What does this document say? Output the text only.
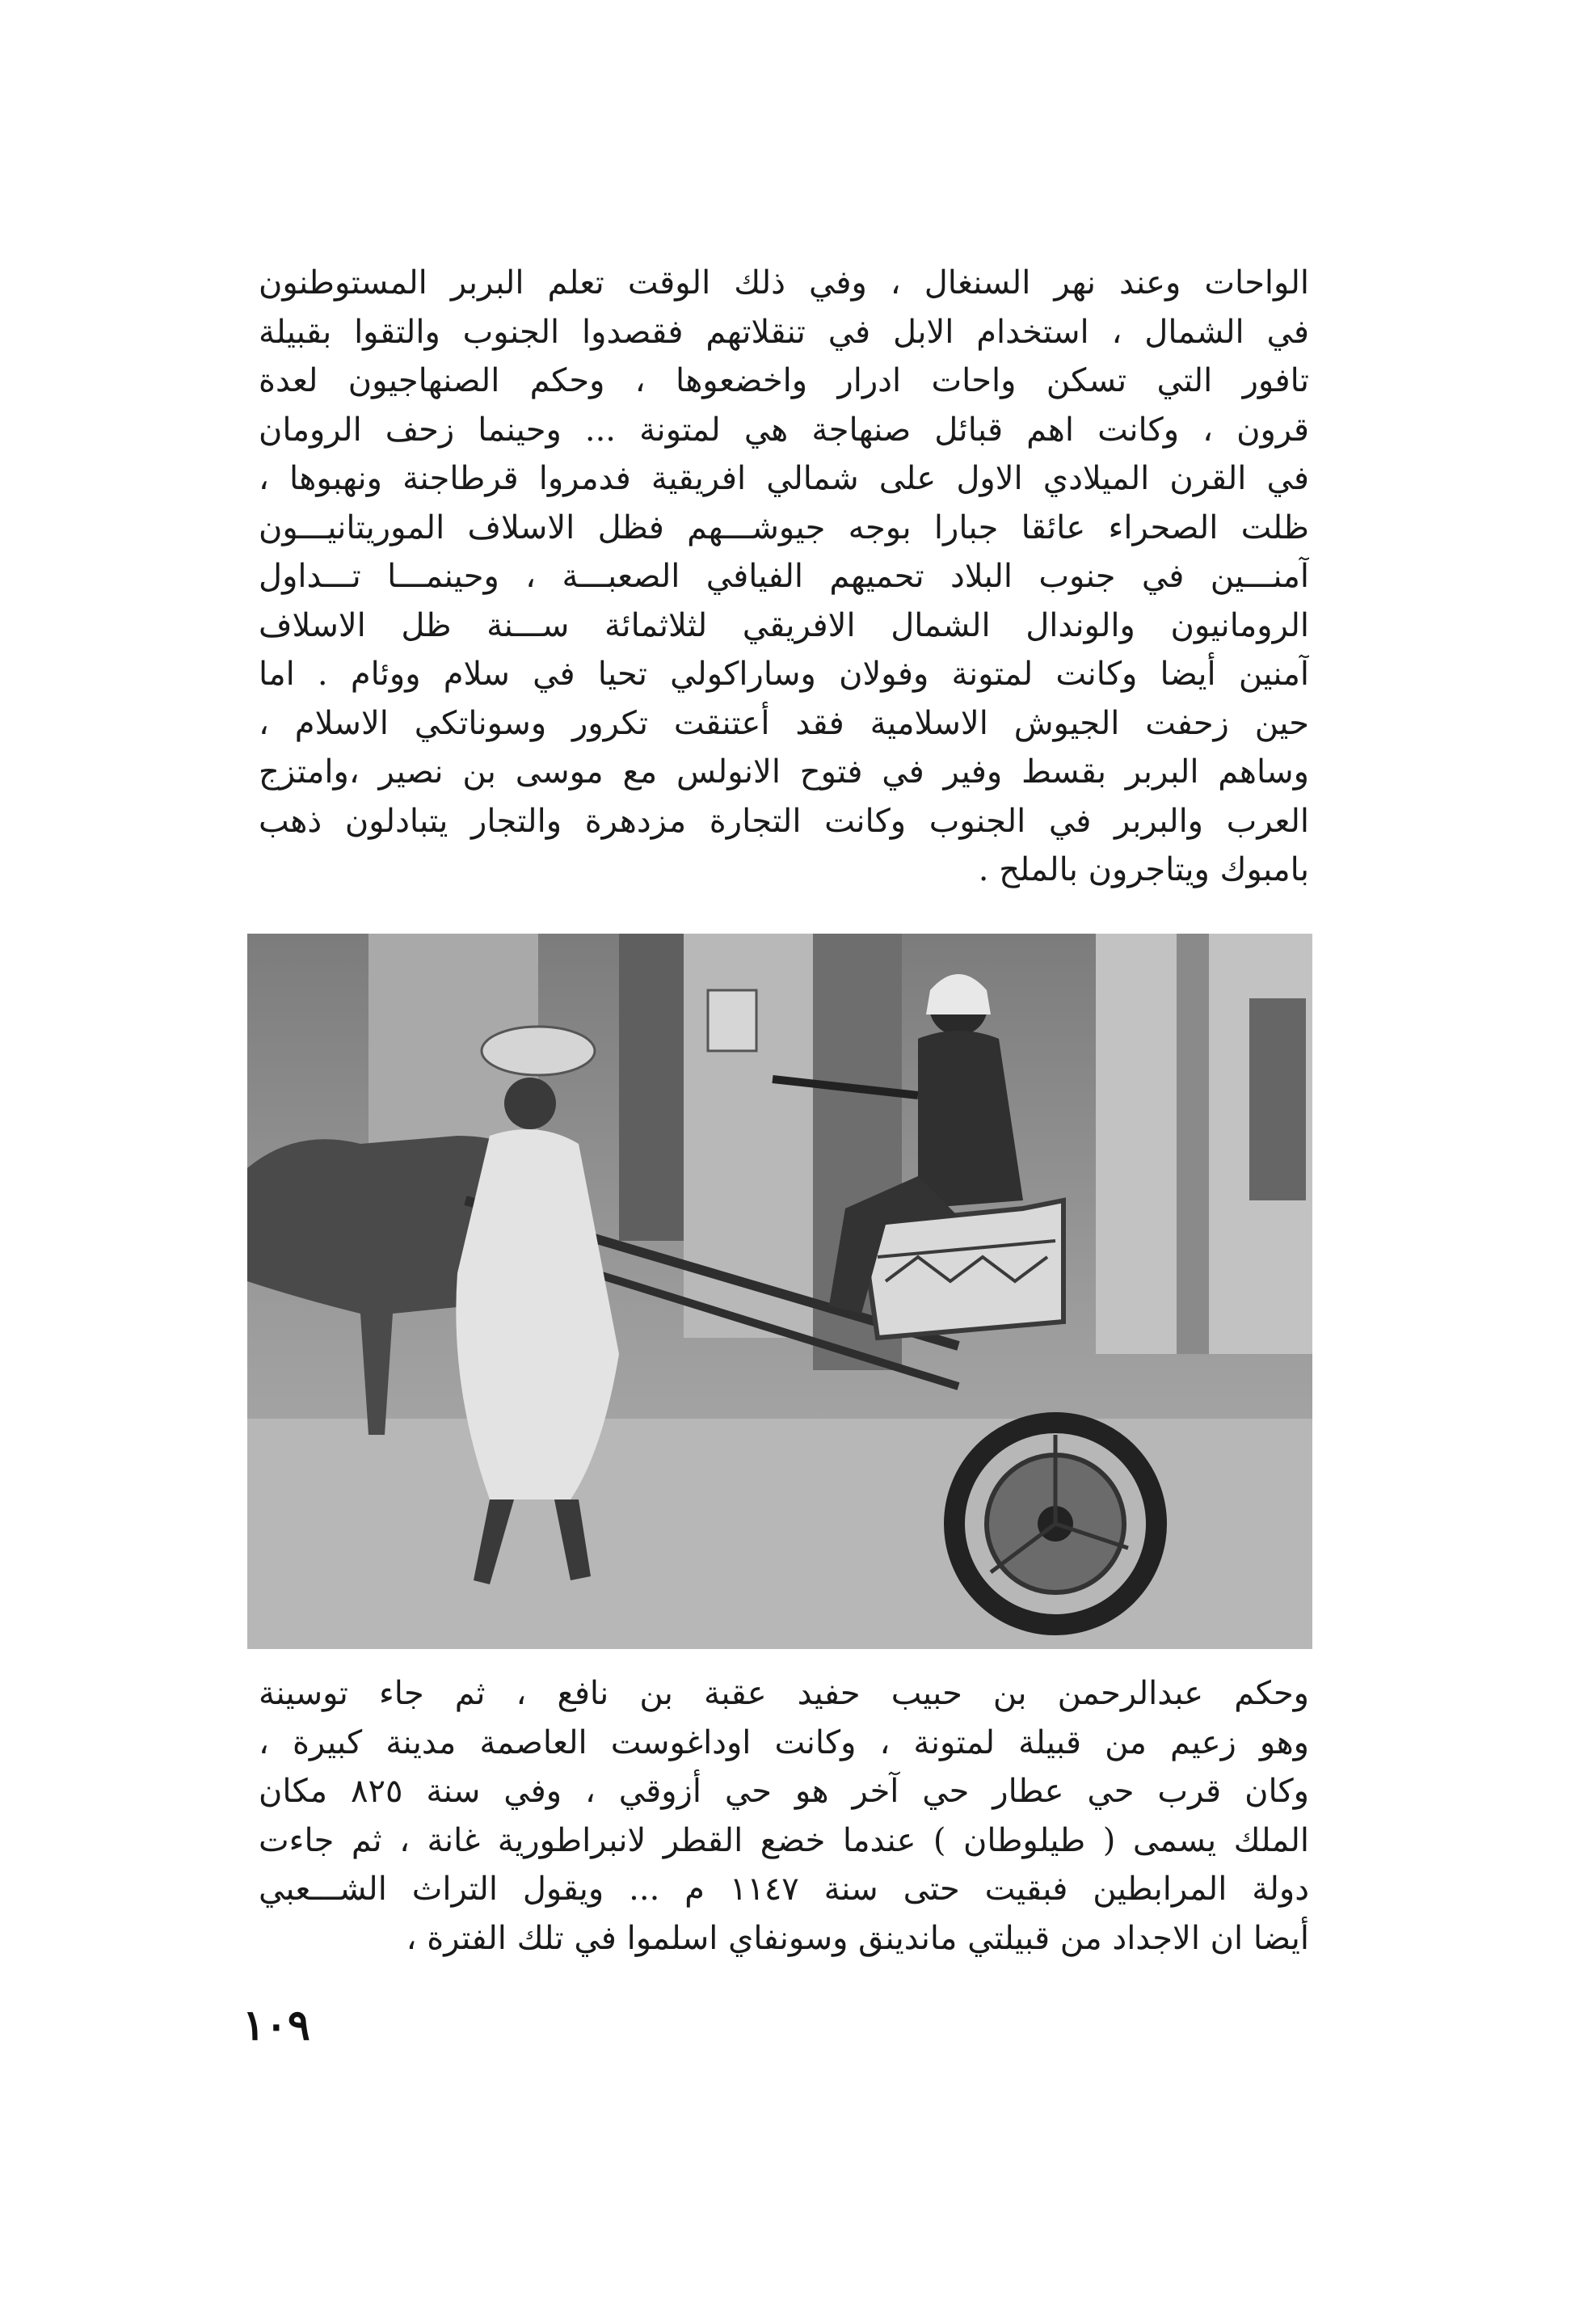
الواحات وعند نهر السنغال ، وفي ذلك الوقت تعلم البربر المستوطنون
في الشمال ، استخدام الابل في تنقلاتهم فقصدوا الجنوب والتقوا بقبيلة
تافور التي تسكن واحات ادرار واخضعوها ، وحكم الصنهاجيون لعدة
قرون ، وكانت اهم قبائل صنهاجة هي لمتونة ... وحينما زحف الرومان
في القرن الميلادي الاول على شمالي افريقية فدمروا قرطاجنة ونهبوها ،
ظلت الصحراء عائقا جبارا بوجه جيوشـــهم فظل الاسلاف الموريتانيـــون
آمنـــين في جنوب البلاد تحميهم الفيافي الصعبـــة ، وحينمـــا تـــداول
الرومانيون والوندال الشمال الافريقي لثلاثمائة ســـنة ظل الاسلاف
آمنين أيضا وكانت لمتونة وفولان وساراكولي تحيا في سلام ووئام . اما
حين زحفت الجيوش الاسلامية فقد أعتنقت تكرور وسوناتكي الاسلام ،
وساهم البربر بقسط وفير في فتوح الانولس مع موسى بن نصير ،وامتزج
العرب والبربر في الجنوب وكانت التجارة مزدهرة والتجار يتبادلون ذهب
بامبوك ويتاجرون بالملح .
وحكم عبدالرحمن بن حبيب حفيد عقبة بن نافع ، ثم جاء توسينة
وهو زعيم من قبيلة لمتونة ، وكانت اوداغوست العاصمة مدينة كبيرة ،
وكان قرب حي عطار حي آخر هو حي أزوقي ، وفي سنة ٨٢٥ مكان
الملك يسمى ( طيلوطان ) عندما خضع القطر لانبراطورية غانة ، ثم جاءت
دولة المرابطين فبقيت حتى سنة ١١٤٧ م ... ويقول التراث الشـــعبي
أيضا ان الاجداد من قبيلتي ماندينق وسونفاي اسلموا في تلك الفترة ،
١٠٩
